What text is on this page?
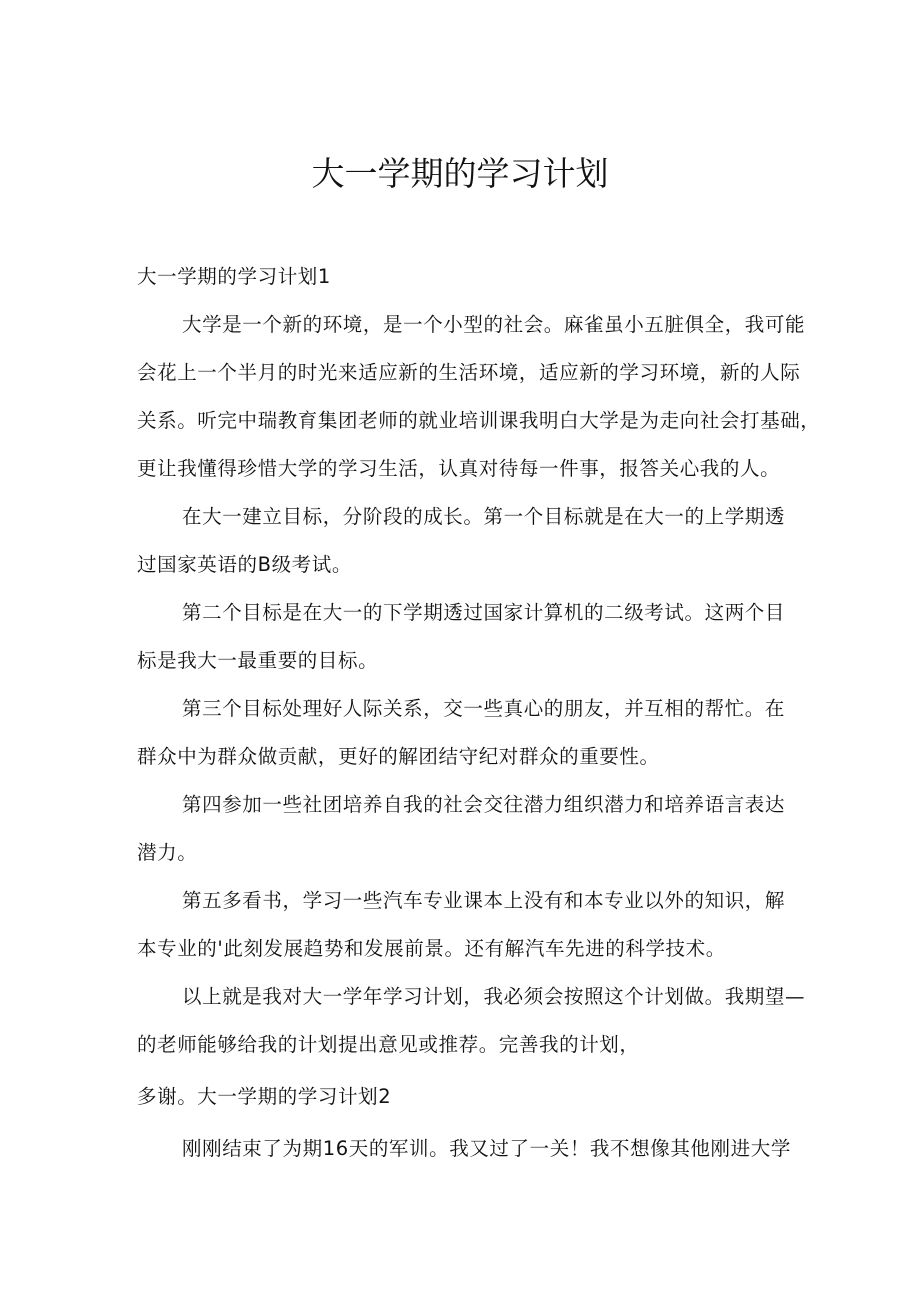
大一学期的学习计划

大一学期的学习计划1

大学是一个新的环境，是一个小型的社会。麻雀虽小五脏俱全，我可能

会花上一个半月的时光来适应新的生活环境，适应新的学习环境，新的人际

关系。听完中瑞教育集团老师的就业培训课我明白大学是为走向社会打基础，

更让我懂得珍惜大学的学习生活，认真对待每一件事，报答关心我的人。

在大一建立目标，分阶段的成长。第一个目标就是在大一的上学期透

过国家英语的B级考试。

第二个目标是在大一的下学期透过国家计算机的二级考试。这两个目

标是我大一最重要的目标。

第三个目标处理好人际关系，交一些真心的朋友，并互相的帮忙。在

群众中为群众做贡献，更好的解团结守纪对群众的重要性。

第四参加一些社团培养自我的社会交往潜力组织潜力和培养语言表达

潜力。

第五多看书，学习一些汽车专业课本上没有和本专业以外的知识，解

本专业的'此刻发展趋势和发展前景。还有解汽车先进的科学技术。

以上就是我对大一学年学习计划，我必须会按照这个计划做。我期望—

的老师能够给我的计划提出意见或推荐。完善我的计划，

多谢。大一学期的学习计划2

刚刚结束了为期16天的军训。我又过了一关！我不想像其他刚进大学
